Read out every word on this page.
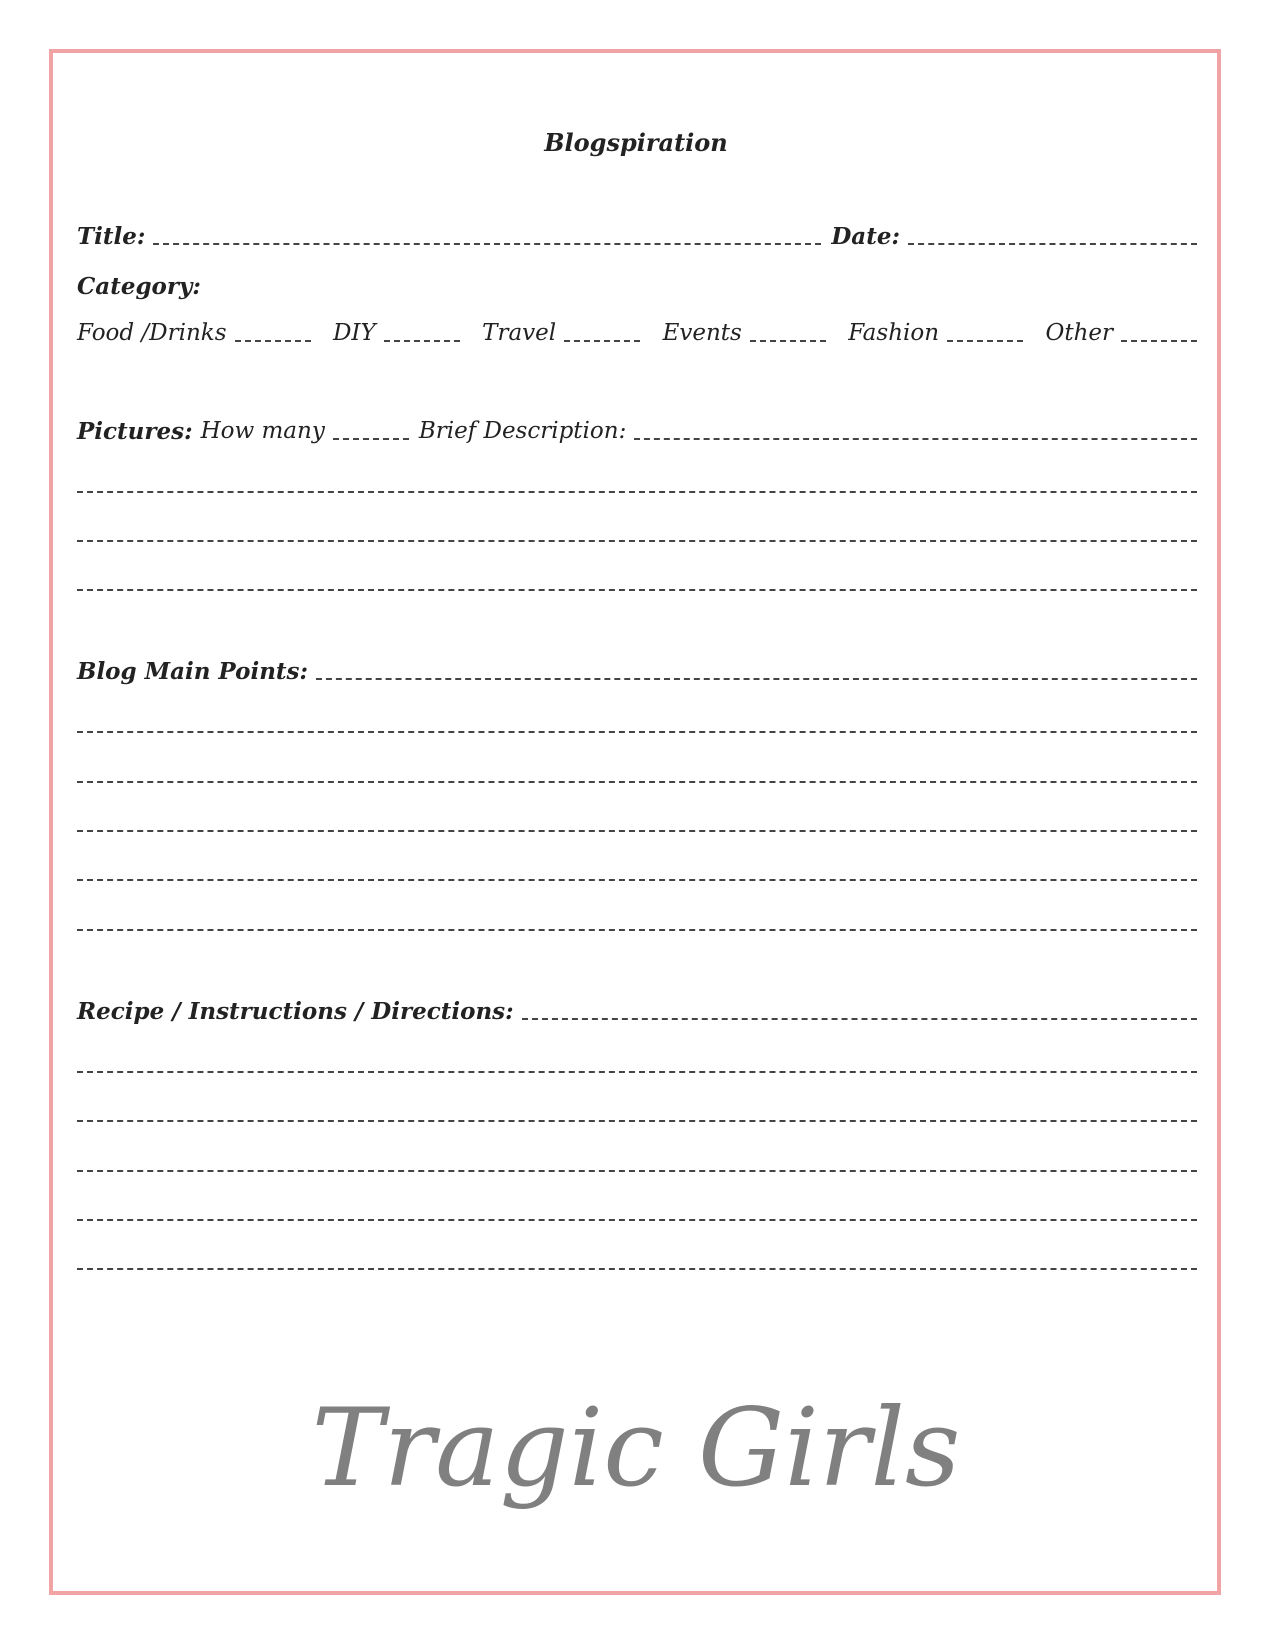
Blogspiration
Title:	Date:
Category:
Food /Drinks	DIY	Travel	Events	Fashion	Other
Pictures: How many	Brief Description:
Blog Main Points:
Recipe / Instructions / Directions:
Tragic Girls
